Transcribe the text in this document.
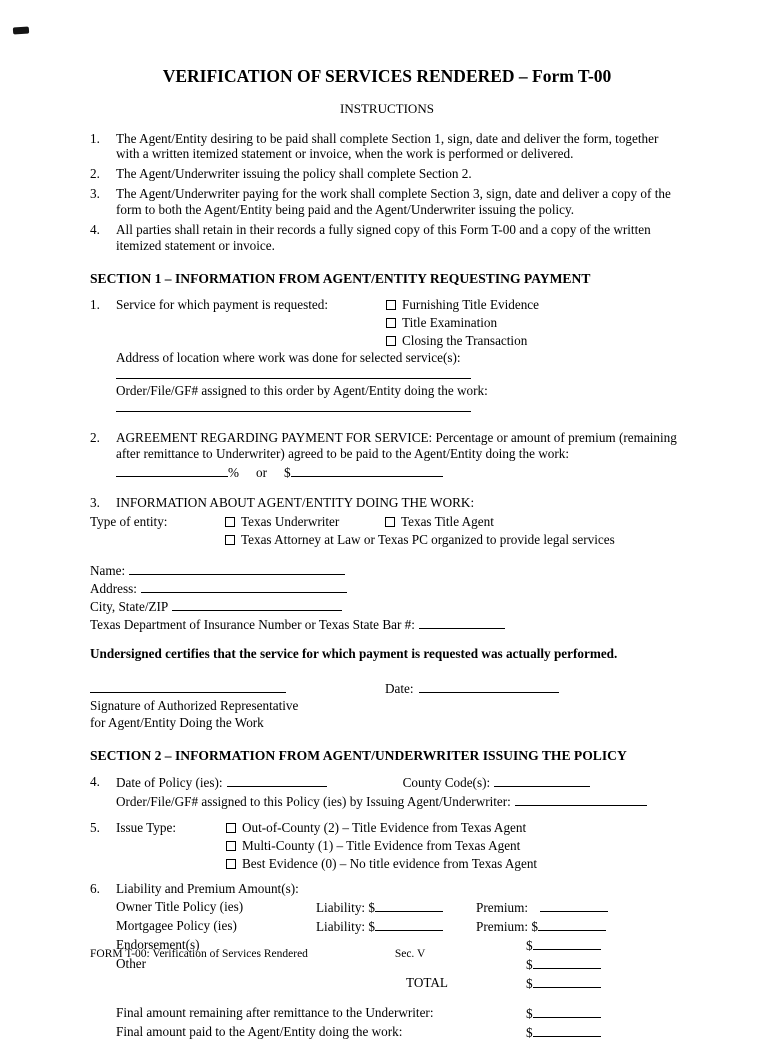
VERIFICATION OF SERVICES RENDERED – Form T-00
INSTRUCTIONS
1.	The Agent/Entity desiring to be paid shall complete Section 1, sign, date and deliver the form, together with a written itemized statement or invoice, when the work is performed or delivered.
2.	The Agent/Underwriter issuing the policy shall complete Section 2.
3.	The Agent/Underwriter paying for the work shall complete Section 3, sign, date and deliver a copy of the form to both the Agent/Entity being paid and the Agent/Underwriter issuing the policy.
4.	All parties shall retain in their records a fully signed copy of this Form T-00 and a copy of the written itemized statement or invoice.
SECTION 1 – INFORMATION FROM AGENT/ENTITY REQUESTING PAYMENT
1.	Service for which payment is requested:	Furnishing Title Evidence
Title Examination
Closing the Transaction
Address of location where work was done for selected service(s):
Order/File/GF# assigned to this order by Agent/Entity doing the work:
2.	AGREEMENT REGARDING PAYMENT FOR SERVICE: Percentage or amount of premium (remaining after remittance to Underwriter) agreed to be paid to the Agent/Entity doing the work:
% or $
3.	INFORMATION ABOUT AGENT/ENTITY DOING THE WORK:
Type of entity:	Texas Underwriter	Texas Title Agent
Texas Attorney at Law or Texas PC organized to provide legal services
Name:
Address:
City, State/ZIP
Texas Department of Insurance Number or Texas State Bar #:
Undersigned certifies that the service for which payment is requested was actually performed.
Date:
Signature of Authorized Representative
for Agent/Entity Doing the Work
SECTION 2 – INFORMATION FROM AGENT/UNDERWRITER ISSUING THE POLICY
4.	Date of Policy (ies):	County Code(s):
Order/File/GF# assigned to this Policy (ies) by Issuing Agent/Underwriter:
5.	Issue Type:	Out-of-County (2) – Title Evidence from Texas Agent
Multi-County (1) – Title Evidence from Texas Agent
Best Evidence (0) – No title evidence from Texas Agent
6.	Liability and Premium Amount(s):
Owner Title Policy (ies)	Liability: $	Premium:
Mortgagee Policy (ies)	Liability: $	Premium: $
Endorsement(s)	$
Other	$
TOTAL	$
Final amount remaining after remittance to the Underwriter:	$
Final amount paid to the Agent/Entity doing the work:	$
FORM T-00: Verification of Services Rendered	Sec. V
